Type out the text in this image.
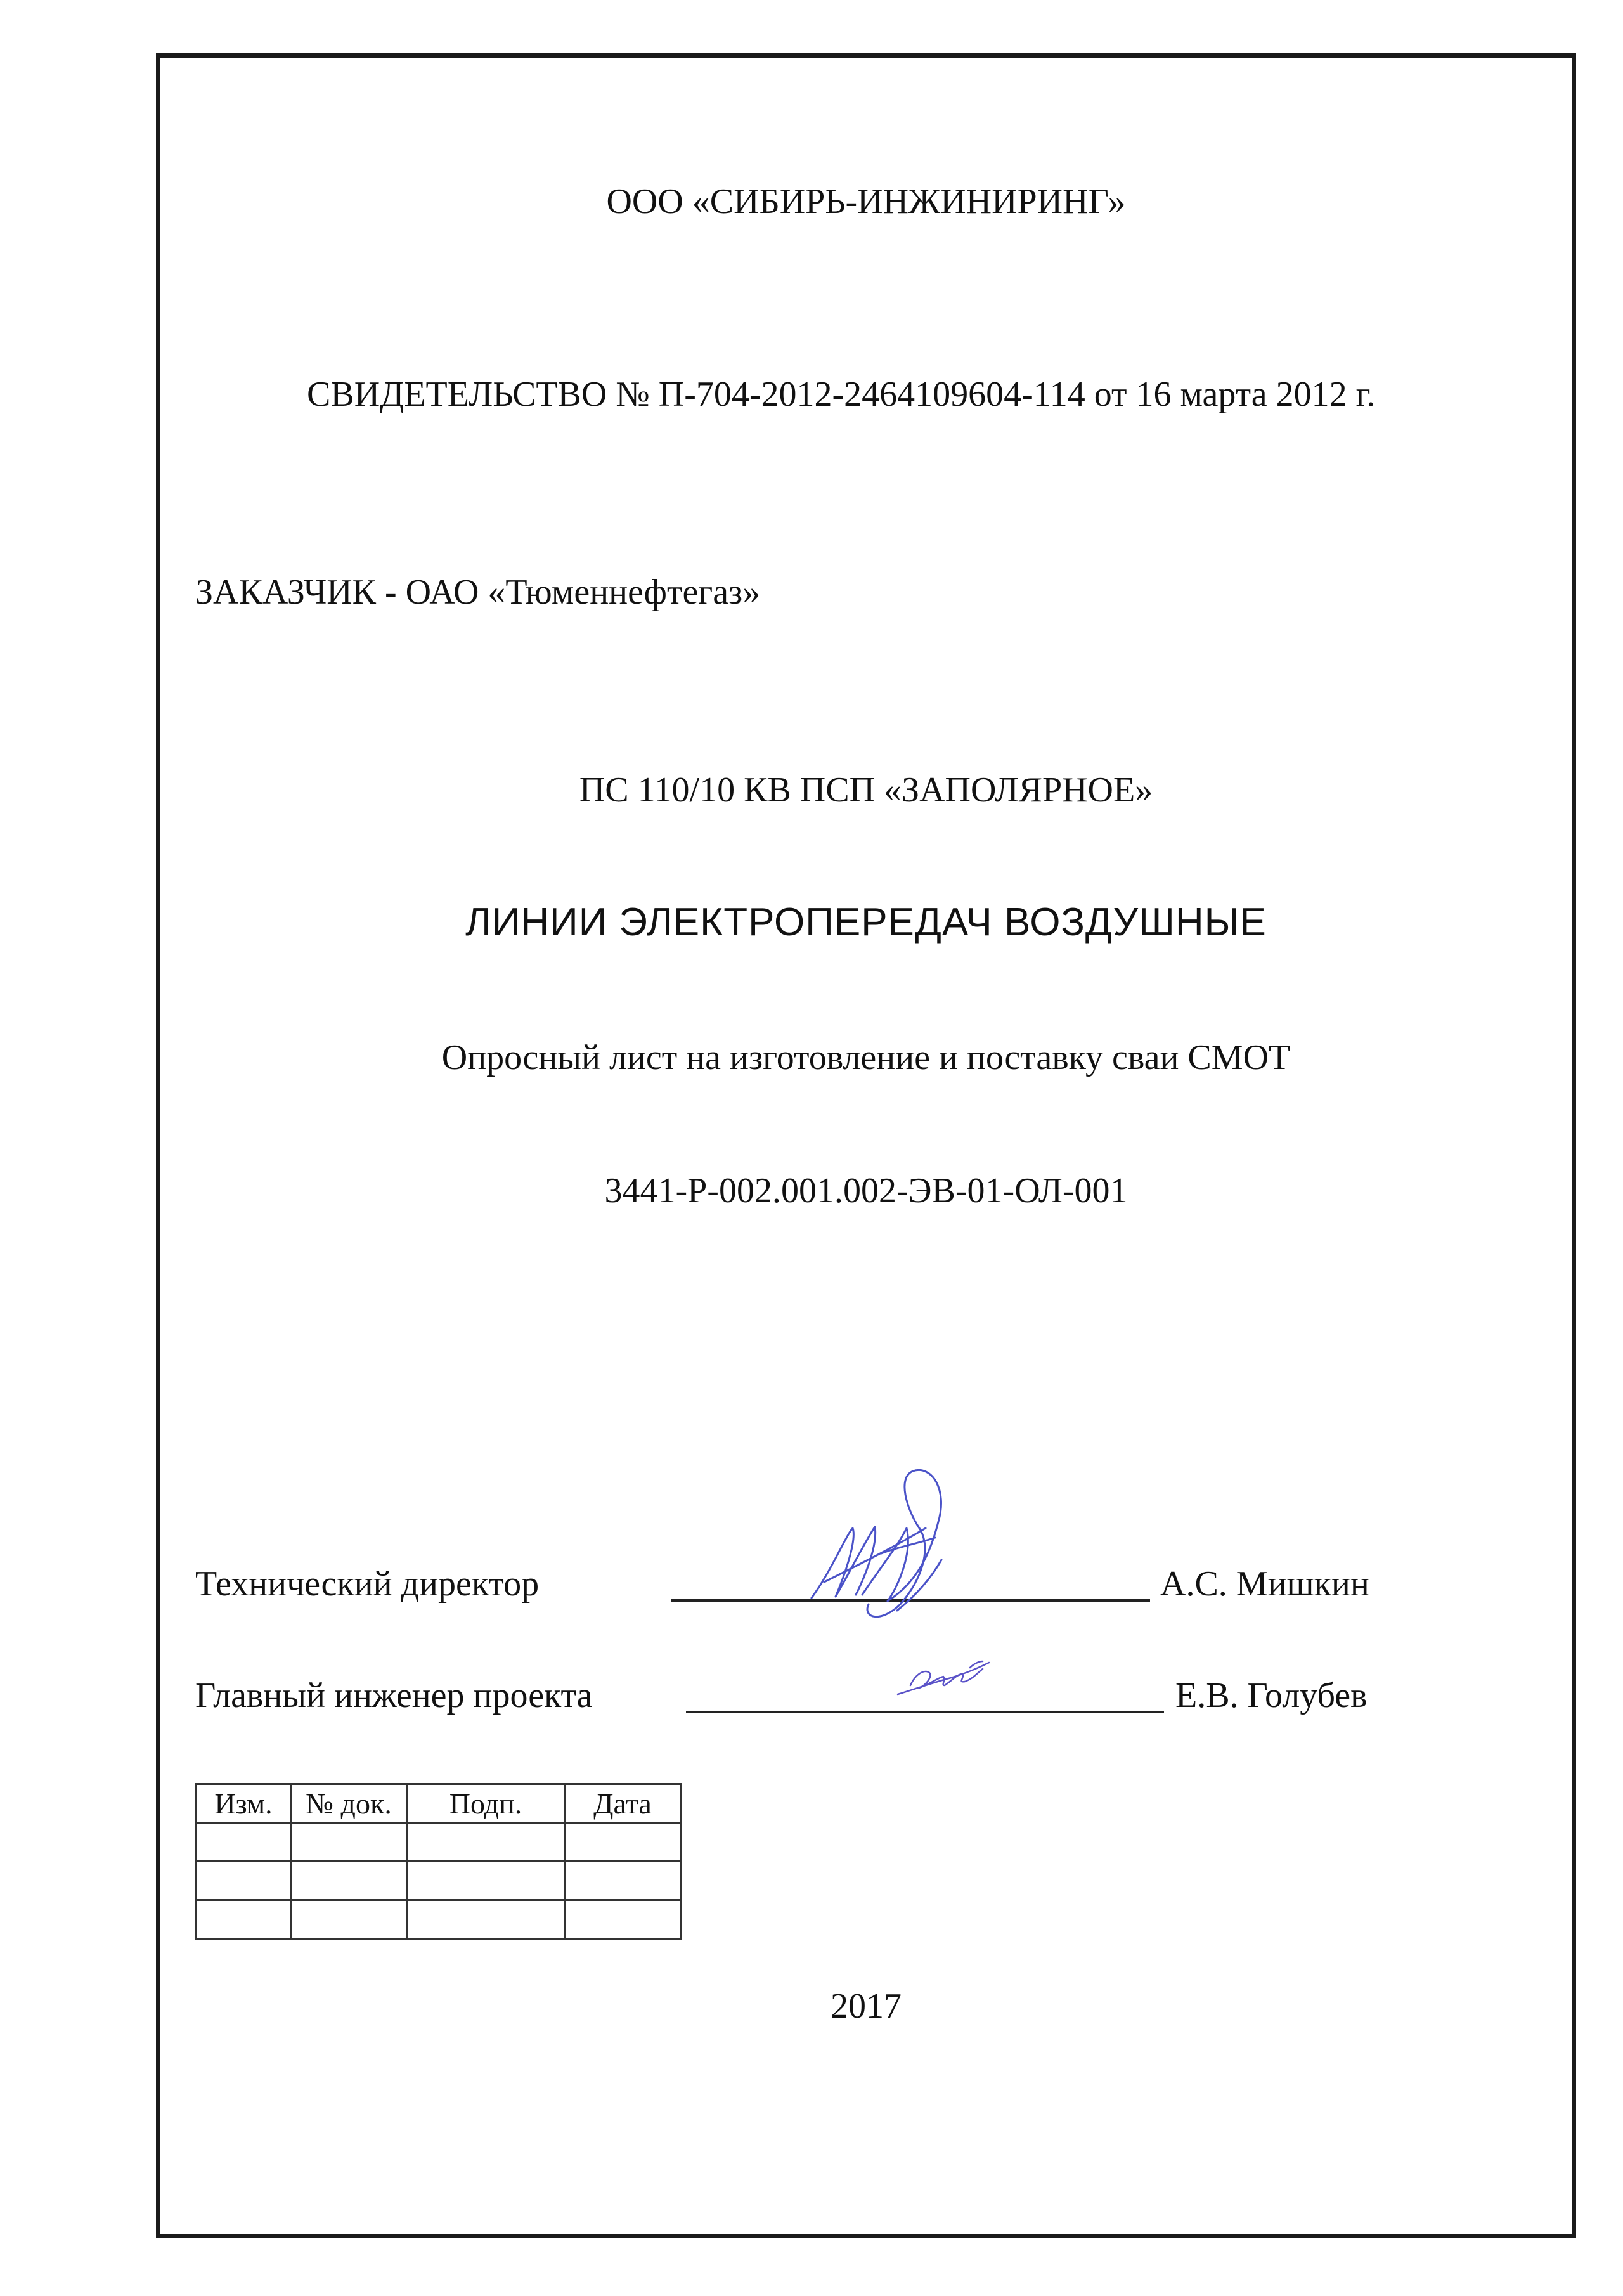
ООО «СИБИРЬ-ИНЖИНИРИНГ»
СВИДЕТЕЛЬСТВО № П-704-2012-2464109604-114 от 16 марта 2012 г.
ЗАКАЗЧИК - ОАО «Тюменнефтегаз»
ПС 110/10 КВ ПСП «ЗАПОЛЯРНОЕ»
ЛИНИИ ЭЛЕКТРОПЕРЕДАЧ ВОЗДУШНЫЕ
Опросный лист на изготовление и поставку сваи СМОТ
3441-Р-002.001.002-ЭВ-01-ОЛ-001
Технический директор	А.С. Мишкин
Главный инженер проекта	Е.В. Голубев
Изм.	№ док.	Подп.	Дата

2017
